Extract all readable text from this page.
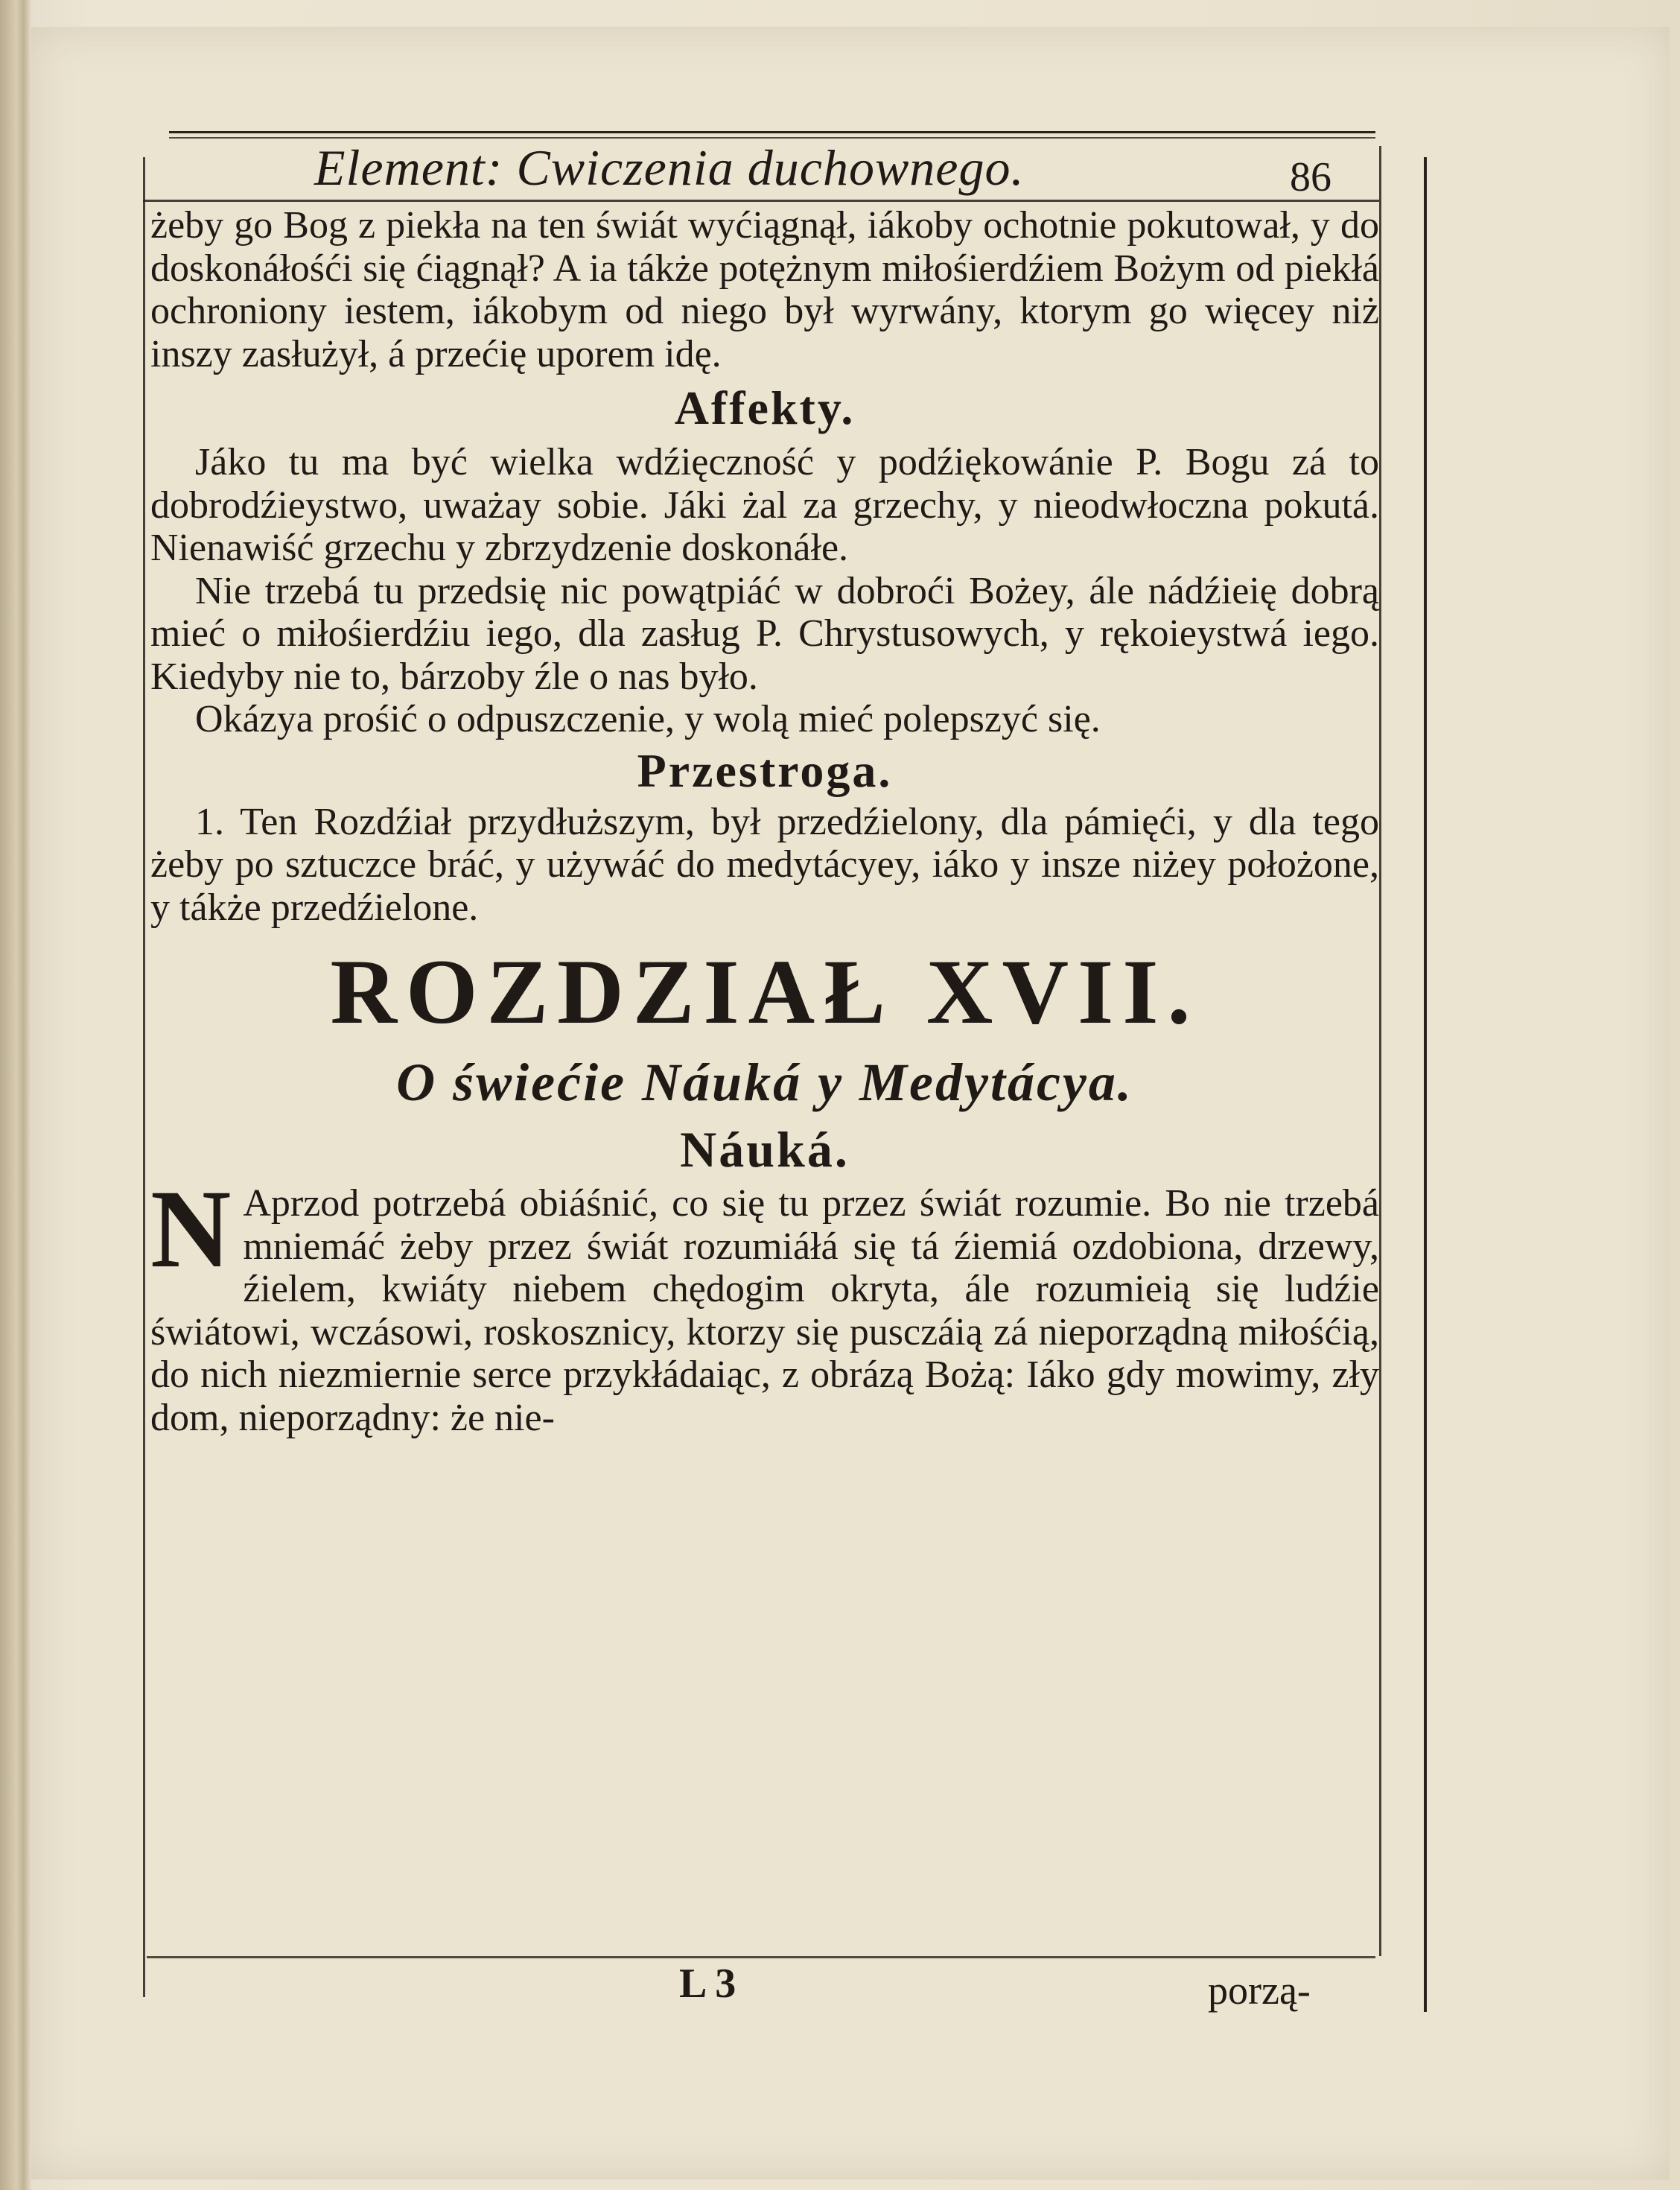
Element: Cwiczenia duchownego.	86

żeby go Bog z piekła na ten świát wyćiągnął, iákoby ochotnie pokutował, y do doskonáłośći się ćiągnął? A ia tákże potężnym miłośierdźiem Bożym od piekłá ochroniony iestem, iákobym od niego był wyrwány, ktorym go więcey niż inszy zasłużył, á przećię uporem idę.

Affekty.

Jáko tu ma być wielka wdźięczność y podźiękowánie P. Bogu zá to dobrodźieystwo, uważay sobie. Jáki żal za grzechy, y nieodwłoczna pokutá. Nienawiść grzechu y zbrzydzenie doskonáłe.

Nie trzebá tu przedsię nic powątpiáć w dobroći Bożey, ále nádźieię dobrą mieć o miłośierdźiu iego, dla zasług P. Chrystusowych, y rękoieystwá iego. Kiedyby nie to, bárzoby źle o nas było.

Okázya prośić o odpuszczenie, y wolą mieć polepszyć się.

Przestroga.

1. Ten Rozdźiał przydłuższym, był przedźielony, dla pámięći, y dla tego żeby po sztuczce bráć, y używáć do medytácyey, iáko y insze niżey położone, y tákże przedźielone.

ROZDZIAŁ XVII.
O świećie Náuká y Medytácya.
Náuká.

N Aprzod potrzebá obiáśnić, co się tu przez świát rozumie. Bo nie trzebá mniemáć żeby przez świát rozumiáłá się tá źiemiá ozdobiona, drzewy, źielem, kwiáty niebem chędogim okryta, ále rozumieią się ludźie świátowi, wczásowi, roskosznicy, ktorzy się pusczáią zá nieporządną miłośćią, do nich niezmiernie serce przykłádaiąc, z obrázą Bożą: Iáko gdy mowimy, zły dom, nieporządny: że nie-

L 3	porzą-
